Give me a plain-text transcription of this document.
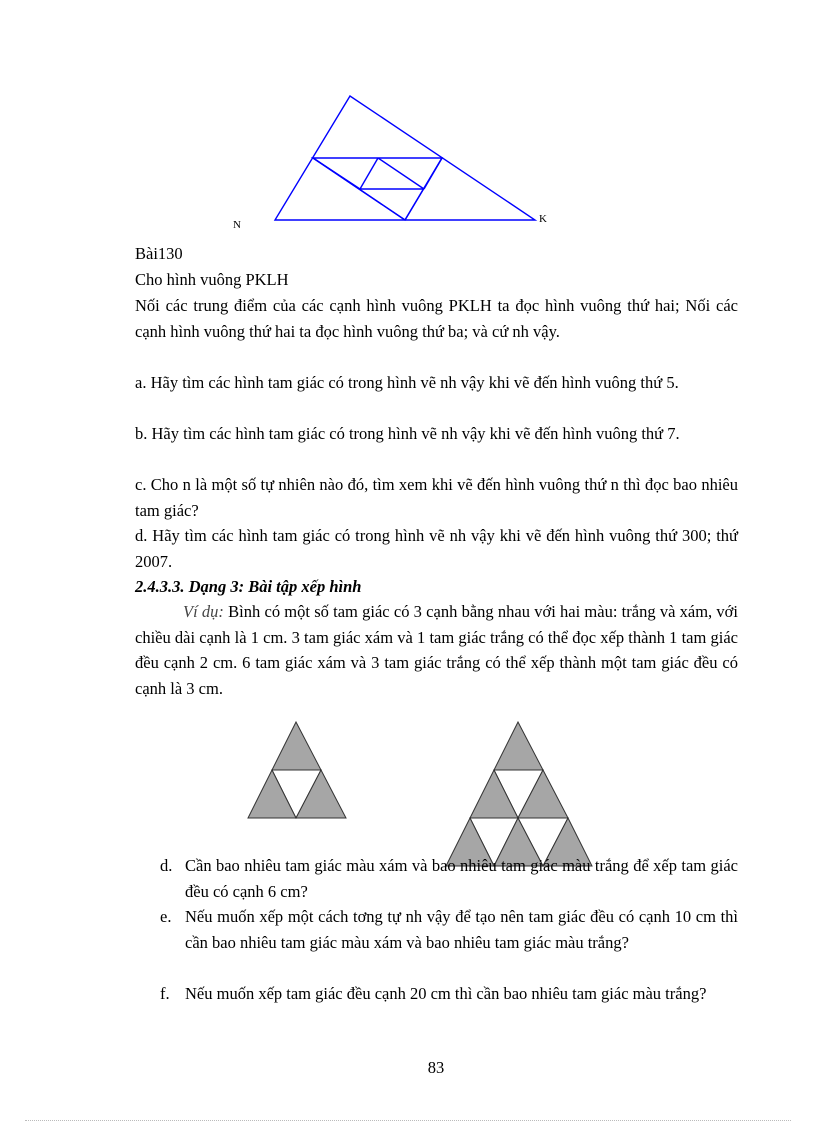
N	K
Bài130
Cho hình vuông PKLH
Nối các trung điểm của các cạnh hình vuông PKLH ta đọc hình vuông thứ hai; Nối các cạnh hình vuông thứ hai ta đọc hình vuông thứ ba; và cứ nh vậy.
a. Hãy tìm các hình tam giác có trong hình vẽ nh vậy khi vẽ đến hình vuông thứ 5.
b. Hãy tìm các hình tam giác có trong hình vẽ nh vậy khi vẽ đến hình vuông thứ 7.
c. Cho n là một số tự nhiên nào đó, tìm xem khi vẽ đến hình vuông thứ n thì đọc bao nhiêu tam giác?
d. Hãy tìm các hình tam giác có trong hình vẽ nh vậy khi vẽ đến hình vuông thứ 300; thứ 2007.
2.4.3.3. Dạng 3: Bài tập xếp hình
Ví dụ: Bình có một số tam giác có 3 cạnh bằng nhau với hai màu: trắng và xám, với chiều dài cạnh là 1 cm. 3 tam giác xám và 1 tam giác trắng có thể đọc xếp thành 1 tam giác đều cạnh 2 cm. 6 tam giác xám và 3 tam giác trắng có thể xếp thành một tam giác đều có cạnh là 3 cm.
d. Cần bao nhiêu tam giác màu xám và bao nhiêu tam giác màu trắng để xếp tam giác đều có cạnh 6 cm?
e. Nếu muốn xếp một cách tơng tự nh vậy để tạo nên tam giác đều có cạnh 10 cm thì cần bao nhiêu tam giác màu xám và bao nhiêu tam giác màu trắng?
f. Nếu muốn xếp tam giác đều cạnh 20 cm thì cần bao nhiêu tam giác màu trắng?
83
